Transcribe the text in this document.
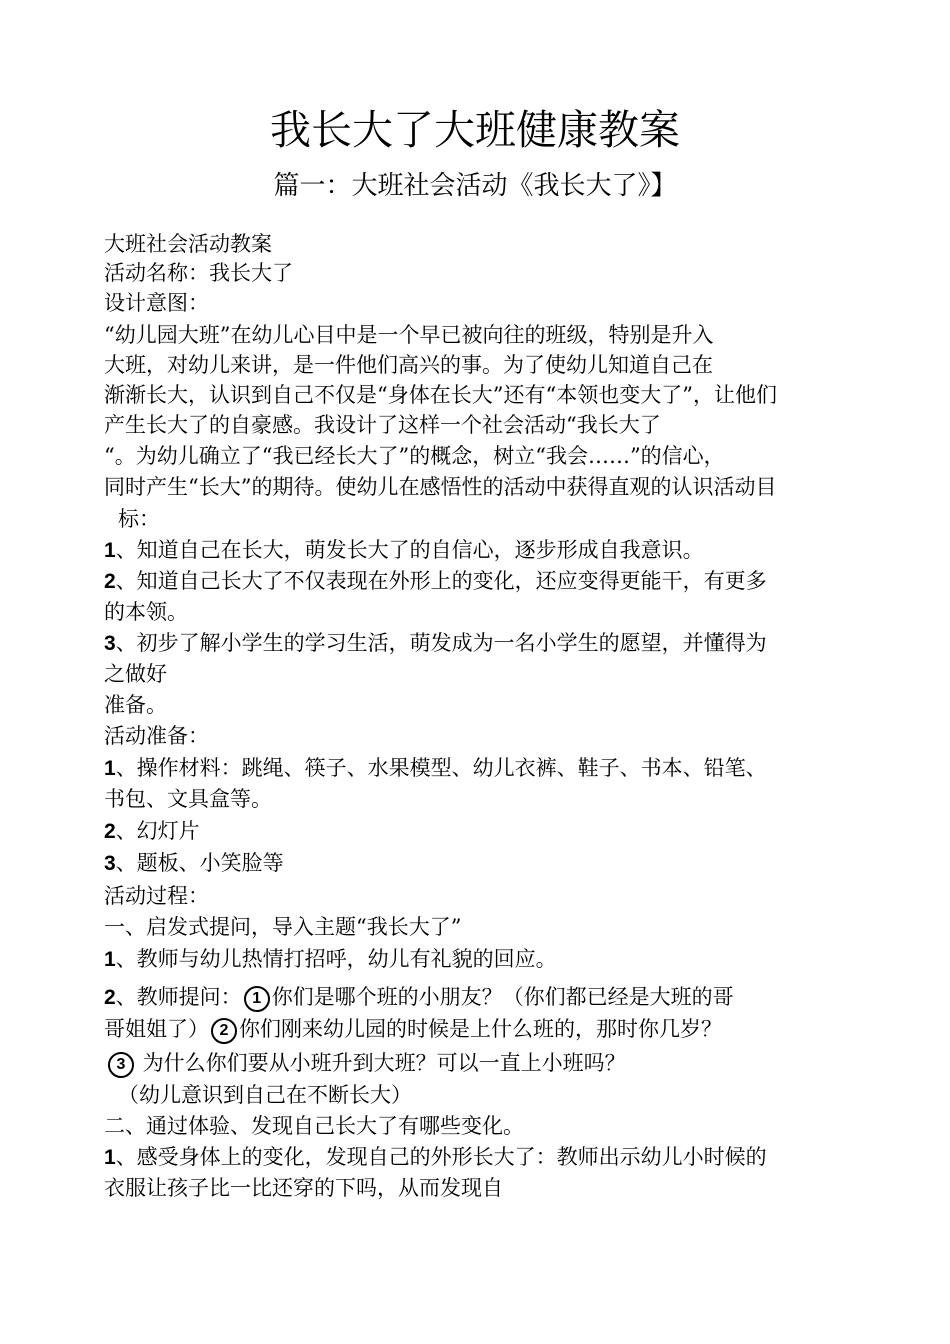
我长大了大班健康教案
篇一：大班社会活动《我长大了》】
大班社会活动教案
活动名称：我长大了
设计意图：
“幼儿园大班”在幼儿心目中是一个早已被向往的班级，特别是升入
大班，对幼儿来讲，是一件他们高兴的事。为了使幼儿知道自己在
渐渐长大，认识到自己不仅是“身体在长大”还有“本领也变大了”，让他们
产生长大了的自豪感。我设计了这样一个社会活动“我长大了
“。为幼儿确立了“我已经长大了”的概念，树立“我会……”的信心，
同时产生“长大”的期待。使幼儿在感悟性的活动中获得直观的认识活动目
标：
1、知道自己在长大，萌发长大了的自信心，逐步形成自我意识。
2、知道自己长大了不仅表现在外形上的变化，还应变得更能干，有更多
的本领。
3、初步了解小学生的学习生活，萌发成为一名小学生的愿望，并懂得为
之做好
准备。
活动准备：
1、操作材料：跳绳、筷子、水果模型、幼儿衣裤、鞋子、书本、铅笔、
书包、文具盒等。
2、幻灯片
3、题板、小笑脸等
活动过程：
一、启发式提问，导入主题“我长大了”
1、教师与幼儿热情打招呼，幼儿有礼貌的回应。
2、教师提问： 1 你们是哪个班的小朋友？（你们都已经是大班的哥
哥姐姐了） 2 你们刚来幼儿园的时候是上什么班的，那时你几岁？
3 为什么你们要从小班升到大班？可以一直上小班吗？
（幼儿意识到自己在不断长大）
二、通过体验、发现自己长大了有哪些变化。
1、感受身体上的变化，发现自己的外形长大了：教师出示幼儿小时候的
衣服让孩子比一比还穿的下吗，从而发现自
